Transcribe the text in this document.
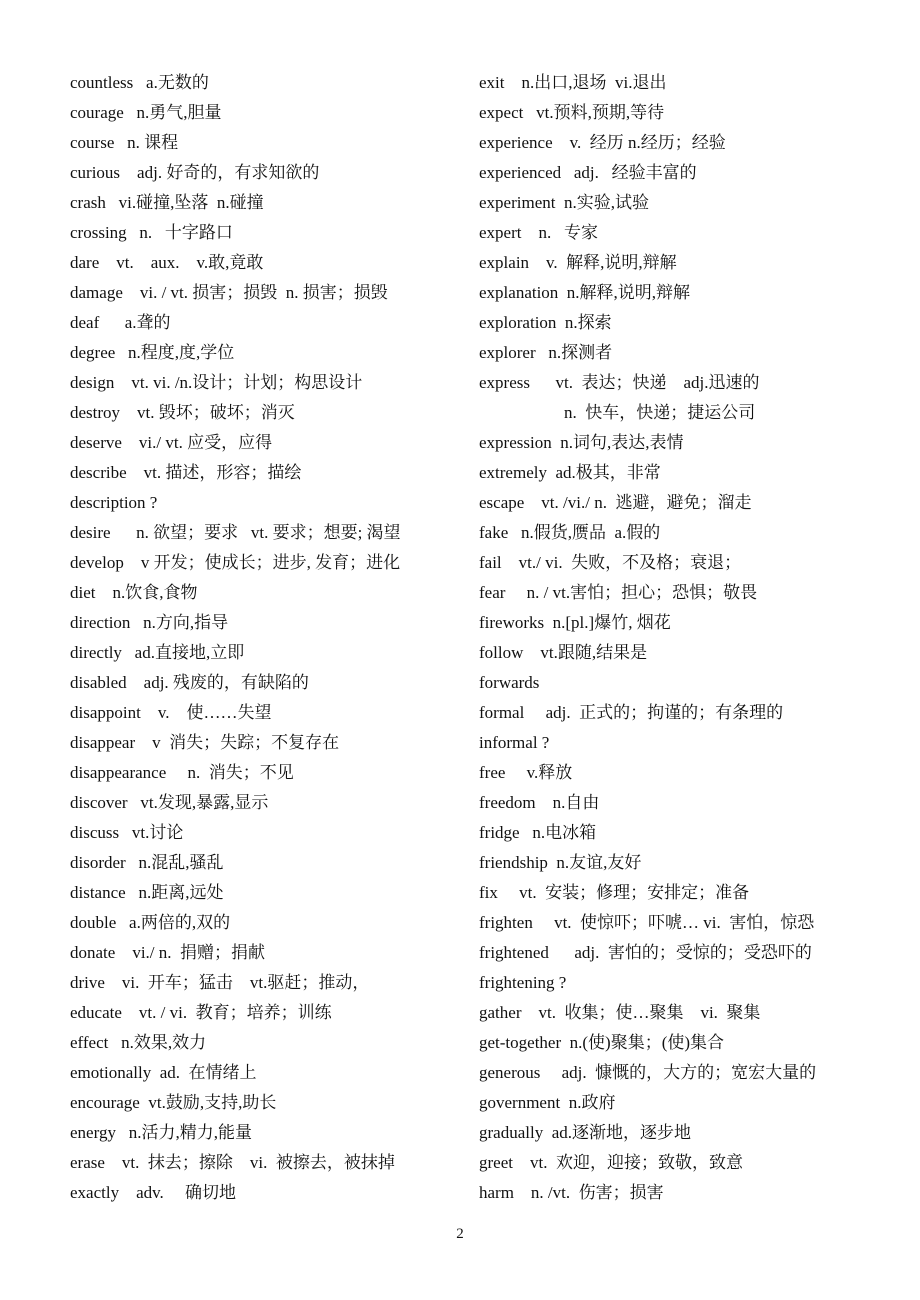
countless   a.无数的
courage   n.勇气,胆量
course   n. 课程
curious    adj. 好奇的，有求知欲的
crash   vi.碰撞,坠落  n.碰撞
crossing   n.   十字路口
dare    vt.    aux.    v.敢,竟敢
damage    vi. / vt. 损害；损毁  n. 损害；损毁
deaf      a.聋的
degree   n.程度,度,学位
design    vt. vi. /n.设计；计划；构思设计
destroy    vt. 毁坏；破坏；消灭
deserve    vi./ vt. 应受，应得
describe    vt. 描述，形容；描绘
description ?
desire      n. 欲望；要求   vt. 要求；想要; 渴望
develop    v 开发；使成长；进步, 发育；进化
diet    n.饮食,食物
direction   n.方向,指导
directly   ad.直接地,立即
disabled    adj. 残废的，有缺陷的
disappoint    v.    使……失望
disappear    v  消失；失踪；不复存在
disappearance     n.  消失；不见
discover   vt.发现,暴露,显示
discuss   vt.讨论
disorder   n.混乱,骚乱
distance   n.距离,远处
double   a.两倍的,双的
donate    vi./ n.  捐赠；捐献
drive    vi.  开车；猛击    vt.驱赶；推动，
educate    vt. / vi.  教育；培养；训练
effect   n.效果,效力
emotionally  ad.  在情绪上
encourage  vt.鼓励,支持,助长
energy   n.活力,精力,能量
erase    vt.  抹去；擦除    vi.  被擦去，被抹掉
exactly    adv.     确切地
exit    n.出口,退场  vi.退出
expect   vt.预料,预期,等待
experience    v.  经历 n.经历；经验
experienced   adj.   经验丰富的
experiment  n.实验,试验
expert    n.   专家
explain    v.  解释,说明,辩解
explanation  n.解释,说明,辩解
exploration  n.探索
explorer   n.探测者
express      vt.  表达；快递    adj.迅速的
n.  快车，快递；捷运公司
expression  n.词句,表达,表情
extremely  ad.极其，非常
escape    vt. /vi./ n.  逃避，避免；溜走
fake   n.假货,赝品  a.假的
fail    vt./ vi.  失败，不及格；衰退；
fear     n. / vt.害怕；担心；恐惧；敬畏
fireworks  n.[pl.]爆竹, 烟花
follow    vt.跟随,结果是
forwards
formal     adj.  正式的；拘谨的；有条理的
informal ?
free     v.释放
freedom    n.自由
fridge   n.电冰箱
friendship  n.友谊,友好
fix     vt.  安装；修理；安排定；准备
frighten     vt.  使惊吓；吓唬… vi.  害怕，惊恐
frightened      adj.  害怕的；受惊的；受恐吓的
frightening ?
gather    vt.  收集；使…聚集    vi.  聚集
get-together  n.(使)聚集；(使)集合
generous     adj.  慷慨的，大方的；宽宏大量的
government  n.政府
gradually  ad.逐渐地，逐步地
greet    vt.  欢迎，迎接；致敬，致意
harm    n. /vt.  伤害；损害
2
